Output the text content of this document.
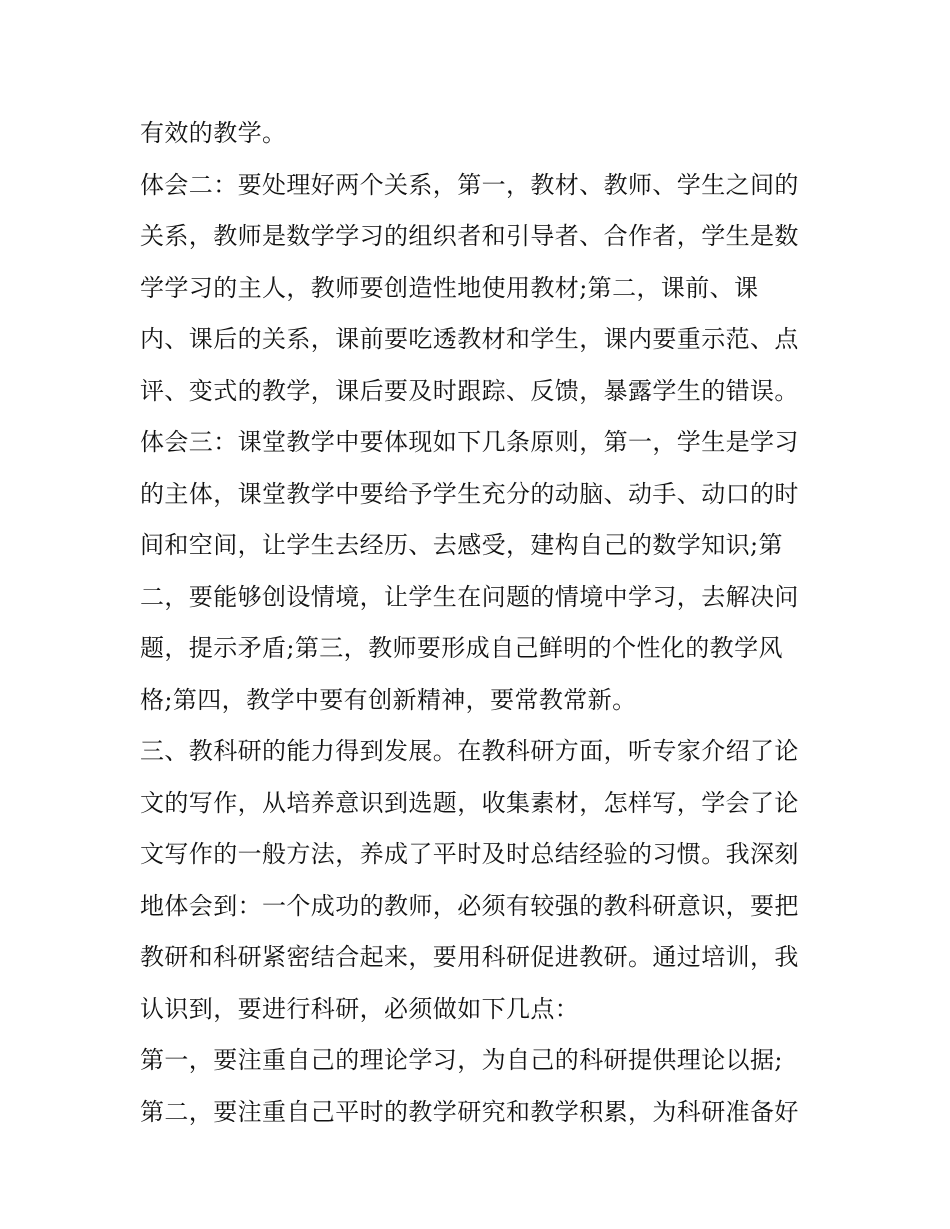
有效的教学。
体会二：要处理好两个关系，第一，教材、教师、学生之间的
关系，教师是数学学习的组织者和引导者、合作者，学生是数
学学习的主人，教师要创造性地使用教材;第二，课前、课
内、课后的关系，课前要吃透教材和学生，课内要重示范、点
评、变式的教学，课后要及时跟踪、反馈，暴露学生的错误。
体会三：课堂教学中要体现如下几条原则，第一，学生是学习
的主体，课堂教学中要给予学生充分的动脑、动手、动口的时
间和空间，让学生去经历、去感受，建构自己的数学知识;第
二，要能够创设情境，让学生在问题的情境中学习，去解决问
题，提示矛盾;第三，教师要形成自己鲜明的个性化的教学风
格;第四，教学中要有创新精神，要常教常新。
三、教科研的能力得到发展。在教科研方面，听专家介绍了论
文的写作，从培养意识到选题，收集素材，怎样写，学会了论
文写作的一般方法，养成了平时及时总结经验的习惯。我深刻
地体会到：一个成功的教师，必须有较强的教科研意识，要把
教研和科研紧密结合起来，要用科研促进教研。通过培训，我
认识到，要进行科研，必须做如下几点：
第一，要注重自己的理论学习，为自己的科研提供理论以据;
第二，要注重自己平时的教学研究和教学积累，为科研准备好
